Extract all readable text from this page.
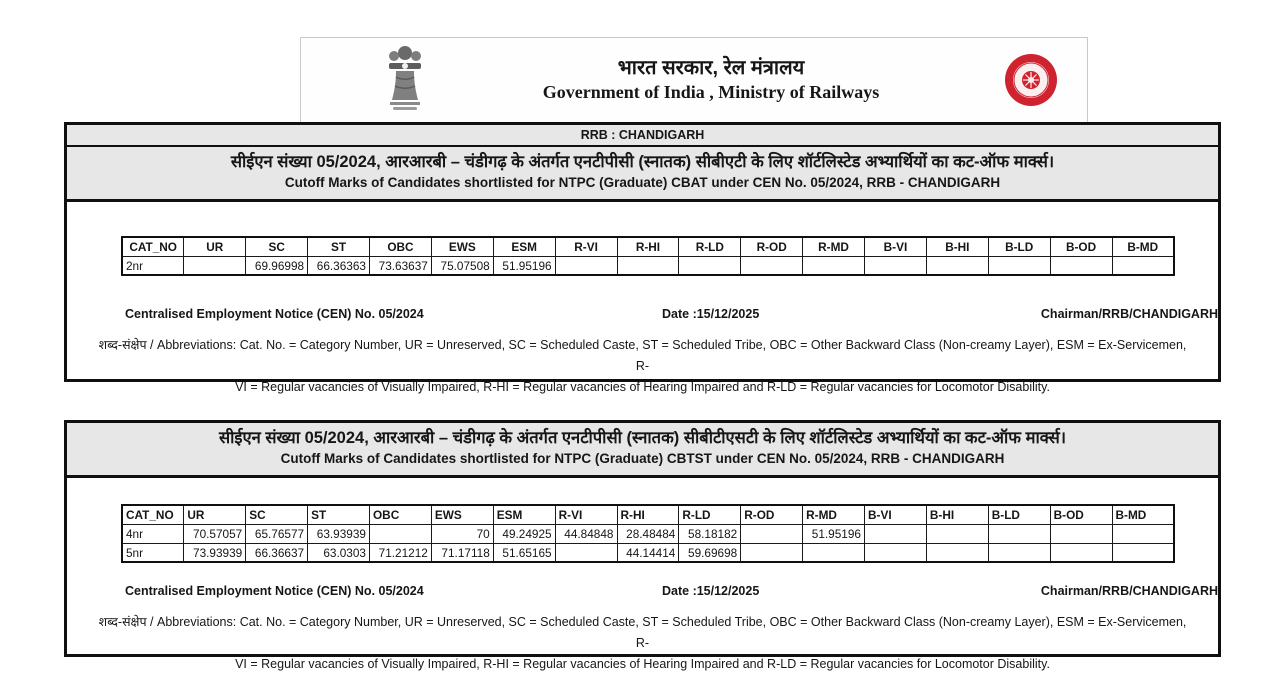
भारत सरकार, रेल मंत्रालय
Government of India , Ministry of Railways
RRB : CHANDIGARH
सीईएन संख्या 05/2024, आरआरबी – चंडीगढ़ के अंतर्गत एनटीपीसी (स्नातक) सीबीएटी के लिए शॉर्टलिस्टेड अभ्यार्थियों का कट-ऑफ मार्क्स।
Cutoff Marks of Candidates shortlisted for NTPC (Graduate) CBAT under CEN No. 05/2024, RRB - CHANDIGARH
CAT_NO	UR	SC	ST	OBC	EWS	ESM	R-VI	R-HI	R-LD	R-OD	R-MD	B-VI	B-HI	B-LD	B-OD	B-MD
2nr		69.96998	66.36363	73.63637	75.07508	51.95196										
Centralised Employment Notice (CEN) No. 05/2024	Date :15/12/2025	Chairman/RRB/CHANDIGARH
शब्द-संक्षेप / Abbreviations: Cat. No. = Category Number, UR = Unreserved, SC = Scheduled Caste, ST = Scheduled Tribe, OBC = Other Backward Class (Non-creamy Layer), ESM = Ex-Servicemen, R-
VI = Regular vacancies of Visually Impaired, R-HI = Regular vacancies of Hearing Impaired and R-LD = Regular vacancies for Locomotor Disability.
सीईएन संख्या 05/2024, आरआरबी – चंडीगढ़ के अंतर्गत एनटीपीसी (स्नातक) सीबीटीएसटी के लिए शॉर्टलिस्टेड अभ्यार्थियों का कट-ऑफ मार्क्स।
Cutoff Marks of Candidates shortlisted for NTPC (Graduate) CBTST under CEN No. 05/2024, RRB - CHANDIGARH
CAT_NO	UR	SC	ST	OBC	EWS	ESM	R-VI	R-HI	R-LD	R-OD	R-MD	B-VI	B-HI	B-LD	B-OD	B-MD
4nr	70.57057	65.76577	63.93939		70	49.24925	44.84848	28.48484	58.18182		51.95196					
5nr	73.93939	66.36637	63.0303	71.21212	71.17118	51.65165		44.14414	59.69698							
Centralised Employment Notice (CEN) No. 05/2024	Date :15/12/2025	Chairman/RRB/CHANDIGARH
शब्द-संक्षेप / Abbreviations: Cat. No. = Category Number, UR = Unreserved, SC = Scheduled Caste, ST = Scheduled Tribe, OBC = Other Backward Class (Non-creamy Layer), ESM = Ex-Servicemen, R-
VI = Regular vacancies of Visually Impaired, R-HI = Regular vacancies of Hearing Impaired and R-LD = Regular vacancies for Locomotor Disability.
